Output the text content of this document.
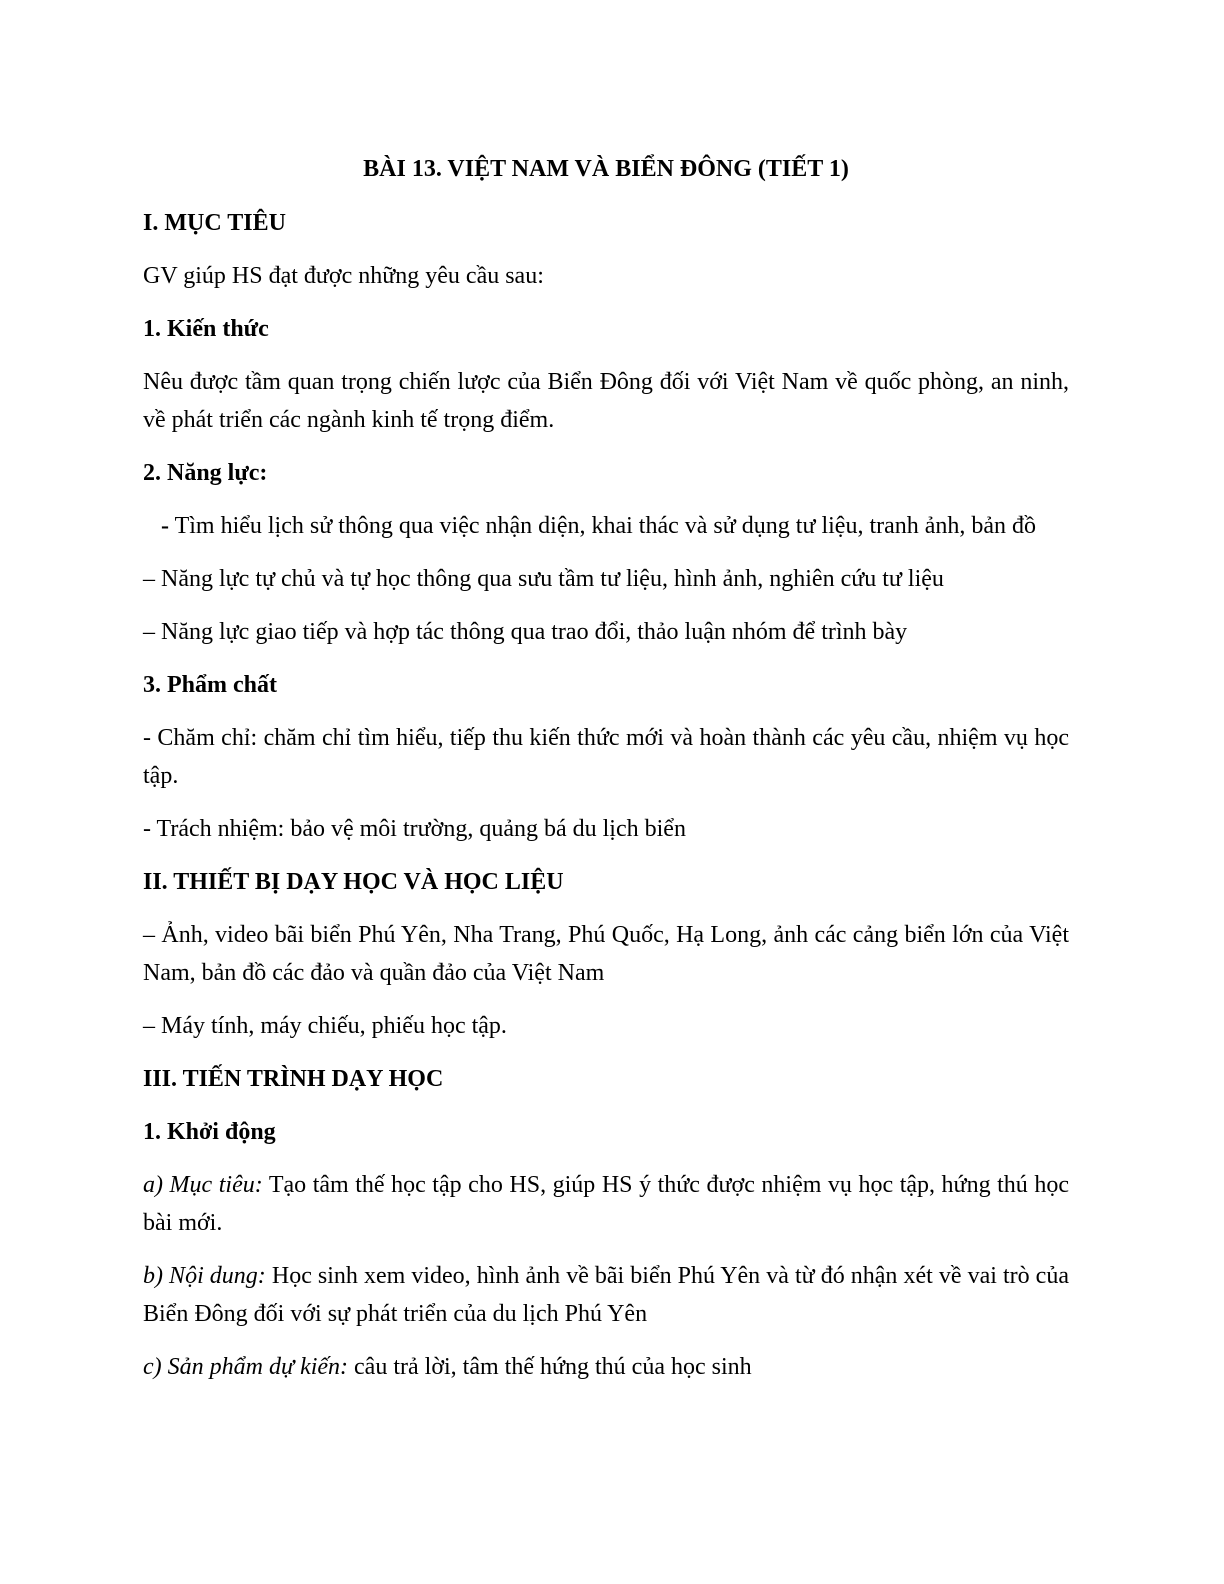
BÀI 13. VIỆT NAM VÀ BIỂN ĐÔNG (TIẾT 1)
I. MỤC TIÊU
GV giúp HS đạt được những yêu cầu sau:
1. Kiến thức
Nêu được tầm quan trọng chiến lược của Biển Đông đối với Việt Nam về quốc phòng, an ninh, về phát triển các ngành kinh tế trọng điểm.
2. Năng lực:
- Tìm hiểu lịch sử thông qua việc nhận diện, khai thác và sử dụng tư liệu, tranh ảnh, bản đồ
– Năng lực tự chủ và tự học thông qua sưu tầm tư liệu, hình ảnh, nghiên cứu tư liệu
– Năng lực giao tiếp và hợp tác thông qua trao đổi, thảo luận nhóm để trình bày
3. Phẩm chất
- Chăm chỉ: chăm chỉ tìm hiểu, tiếp thu kiến thức mới và hoàn thành các yêu cầu, nhiệm vụ học tập.
- Trách nhiệm: bảo vệ môi trường, quảng bá du lịch biển
II. THIẾT BỊ DẠY HỌC VÀ HỌC LIỆU
– Ảnh, video bãi biển Phú Yên, Nha Trang, Phú Quốc, Hạ Long, ảnh các cảng biển lớn của Việt Nam, bản đồ các đảo và quần đảo của Việt Nam
– Máy tính, máy chiếu, phiếu học tập.
III. TIẾN TRÌNH DẠY HỌC
1. Khởi động
a) Mục tiêu: Tạo tâm thế học tập cho HS, giúp HS ý thức được nhiệm vụ học tập, hứng thú học bài mới.
b) Nội dung: Học sinh xem video, hình ảnh về bãi biển Phú Yên và từ đó nhận xét về vai trò của Biển Đông đối với sự phát triển của du lịch Phú Yên
c) Sản phẩm dự kiến: câu trả lời, tâm thế hứng thú của học sinh
